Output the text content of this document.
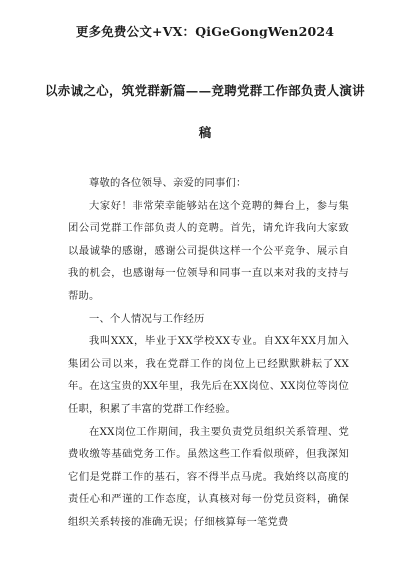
更多免费公文+VX：QiGeGongWen2024
以赤诚之心，筑党群新篇——竞聘党群工作部负责人演讲
稿

尊敬的各位领导、亲爱的同事们：

大家好！非常荣幸能够站在这个竞聘的舞台上，参与集团公司党群工作部负责人的竞聘。首先，请允许我向大家致以最诚挚的感谢，感谢公司提供这样一个公平竞争、展示自我的机会，也感谢每一位领导和同事一直以来对我的支持与帮助。

一、个人情况与工作经历

我叫XXX，毕业于XX学校XX专业。自XX年XX月加入集团公司以来，我在党群工作的岗位上已经默默耕耘了XX年。在这宝贵的XX年里，我先后在XX岗位、XX岗位等岗位任职，积累了丰富的党群工作经验。

在XX岗位工作期间，我主要负责党员组织关系管理、党费收缴等基础党务工作。虽然这些工作看似琐碎，但我深知它们是党群工作的基石，容不得半点马虎。我始终以高度的责任心和严谨的工作态度，认真核对每一份党员资料，确保组织关系转接的准确无误；仔细核算每一笔党费
